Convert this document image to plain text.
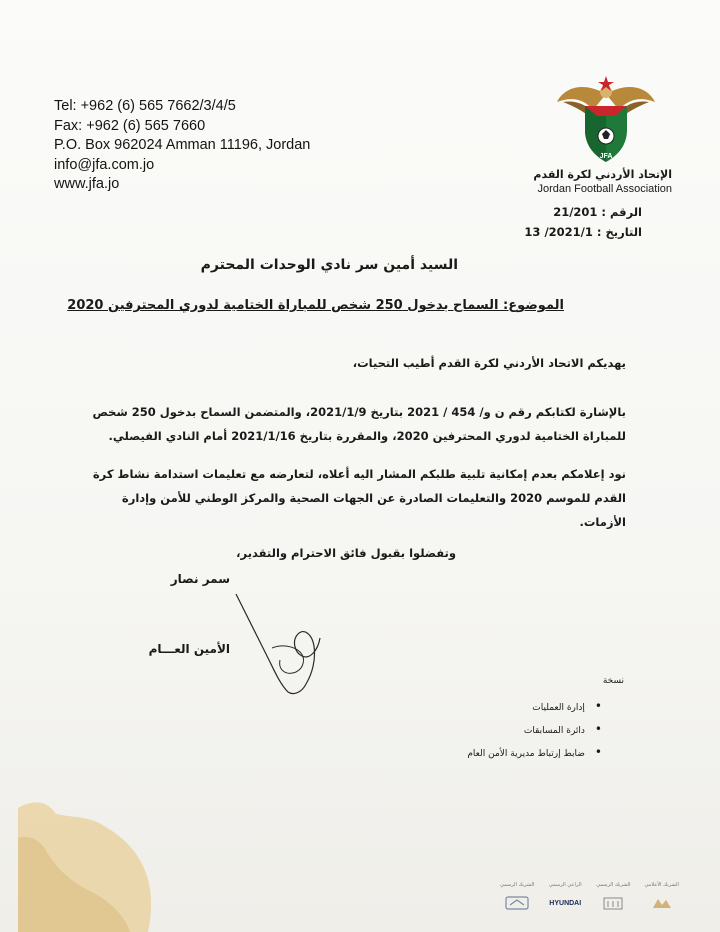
Tel: +962 (6) 565 7662/3/4/5
Fax: +962 (6) 565 7660
P.O. Box 962024 Amman 11196, Jordan
info@jfa.com.jo
www.jfa.jo
JFA
الإتحاد الأردني لكرة القدم
Jordan Football Association
الرقم : 21/201
التاريخ : 2021/1/ 13
السيد أمين سر نادي الوحدات المحترم
الموضوع: السماح بدخول 250 شخص للمباراة الختامية لدوري المحترفين 2020
يهديكم الاتحاد الأردني لكرة القدم أطيب التحيات،
بالإشارة لكتابكم رقم ن و/ 454 / 2021 بتاريخ 2021/1/9، والمتضمن السماح بدخول 250 شخص للمباراة الختامية لدوري المحترفين 2020، والمقررة بتاريخ 2021/1/16 أمام النادي الفيصلي.
نود إعلامكم بعدم إمكانية تلبية طلبكم المشار اليه أعلاه، لتعارضه مع تعليمات استدامة نشاط كرة القدم للموسم 2020 والتعليمات الصادرة عن الجهات الصحية والمركز الوطني للأمن وإدارة الأزمات.
وتفضلوا بقبول فائق الاحترام والتقدير،
سمر نصار
الأمين العـــام
نسخة
• إدارة العمليات
• دائرة المسابقات
• ضابط إرتباط مديرية الأمن العام
الشريك الرسمي	الراعي الرسمي
HYUNDAI
الشريك الرسمي	الشريك الأعلامي
